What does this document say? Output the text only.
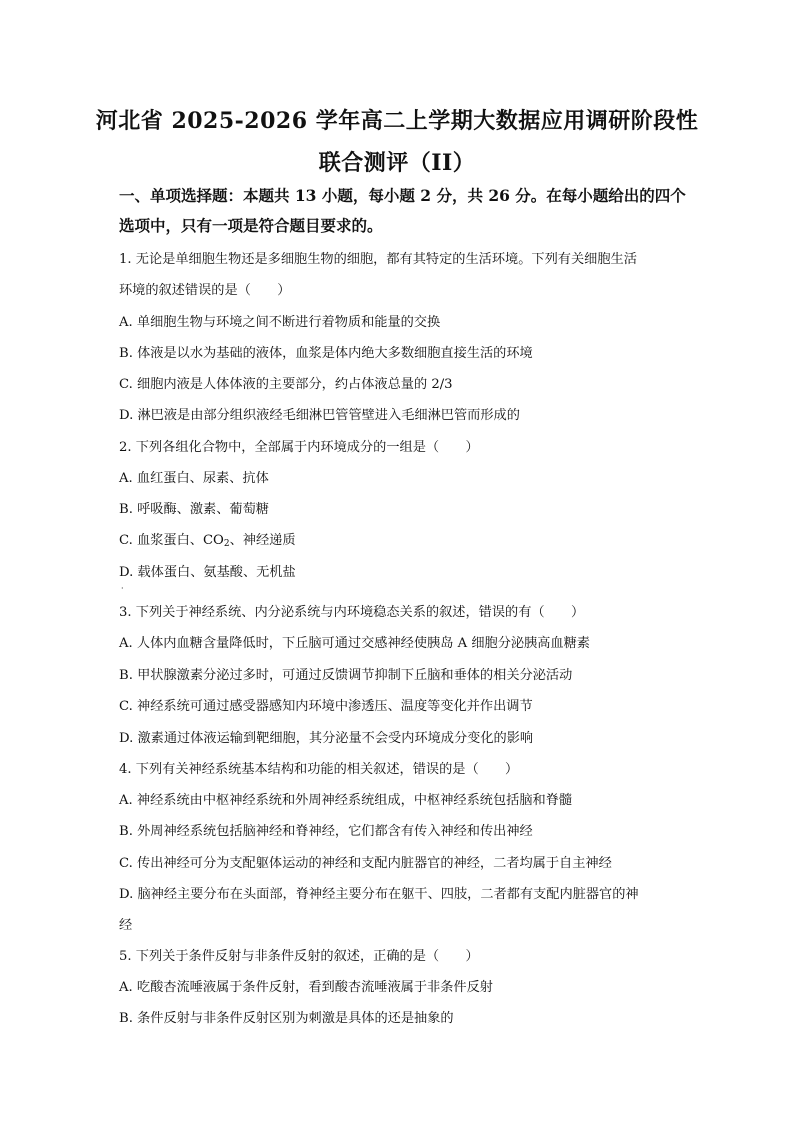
河北省 2025-2026 学年高二上学期大数据应用调研阶段性
联合测评（II）
一、单项选择题：本题共 13 小题，每小题 2 分，共 26 分。在每小题给出的四个选项中，只有一项是符合题目要求的。
1. 无论是单细胞生物还是多细胞生物的细胞，都有其特定的生活环境。下列有关细胞生活
环境的叙述错误的是（　　）
A. 单细胞生物与环境之间不断进行着物质和能量的交换
B. 体液是以水为基础的液体，血浆是体内绝大多数细胞直接生活的环境
C. 细胞内液是人体体液的主要部分，约占体液总量的 2/3
D. 淋巴液是由部分组织液经毛细淋巴管管壁进入毛细淋巴管而形成的
2. 下列各组化合物中，全部属于内环境成分的一组是（　　）
A. 血红蛋白、尿素、抗体
B. 呼吸酶、激素、葡萄糖
C. 血浆蛋白、$CO_2$、神经递质
D. 载体蛋白、氨基酸、无机盐
·
3. 下列关于神经系统、内分泌系统与内环境稳态关系的叙述，错误的有（　　）
A. 人体内血糖含量降低时，下丘脑可通过交感神经使胰岛 A 细胞分泌胰高血糖素
B. 甲状腺激素分泌过多时，可通过反馈调节抑制下丘脑和垂体的相关分泌活动
C. 神经系统可通过感受器感知内环境中渗透压、温度等变化并作出调节
D. 激素通过体液运输到靶细胞，其分泌量不会受内环境成分变化的影响
4. 下列有关神经系统基本结构和功能的相关叙述，错误的是（　　）
A. 神经系统由中枢神经系统和外周神经系统组成，中枢神经系统包括脑和脊髓
B. 外周神经系统包括脑神经和脊神经，它们都含有传入神经和传出神经
C. 传出神经可分为支配躯体运动的神经和支配内脏器官的神经，二者均属于自主神经
D. 脑神经主要分布在头面部，脊神经主要分布在躯干、四肢，二者都有支配内脏器官的神
经
5. 下列关于条件反射与非条件反射的叙述，正确的是（　　）
A. 吃酸杏流唾液属于条件反射，看到酸杏流唾液属于非条件反射
B. 条件反射与非条件反射区别为刺激是具体的还是抽象的
